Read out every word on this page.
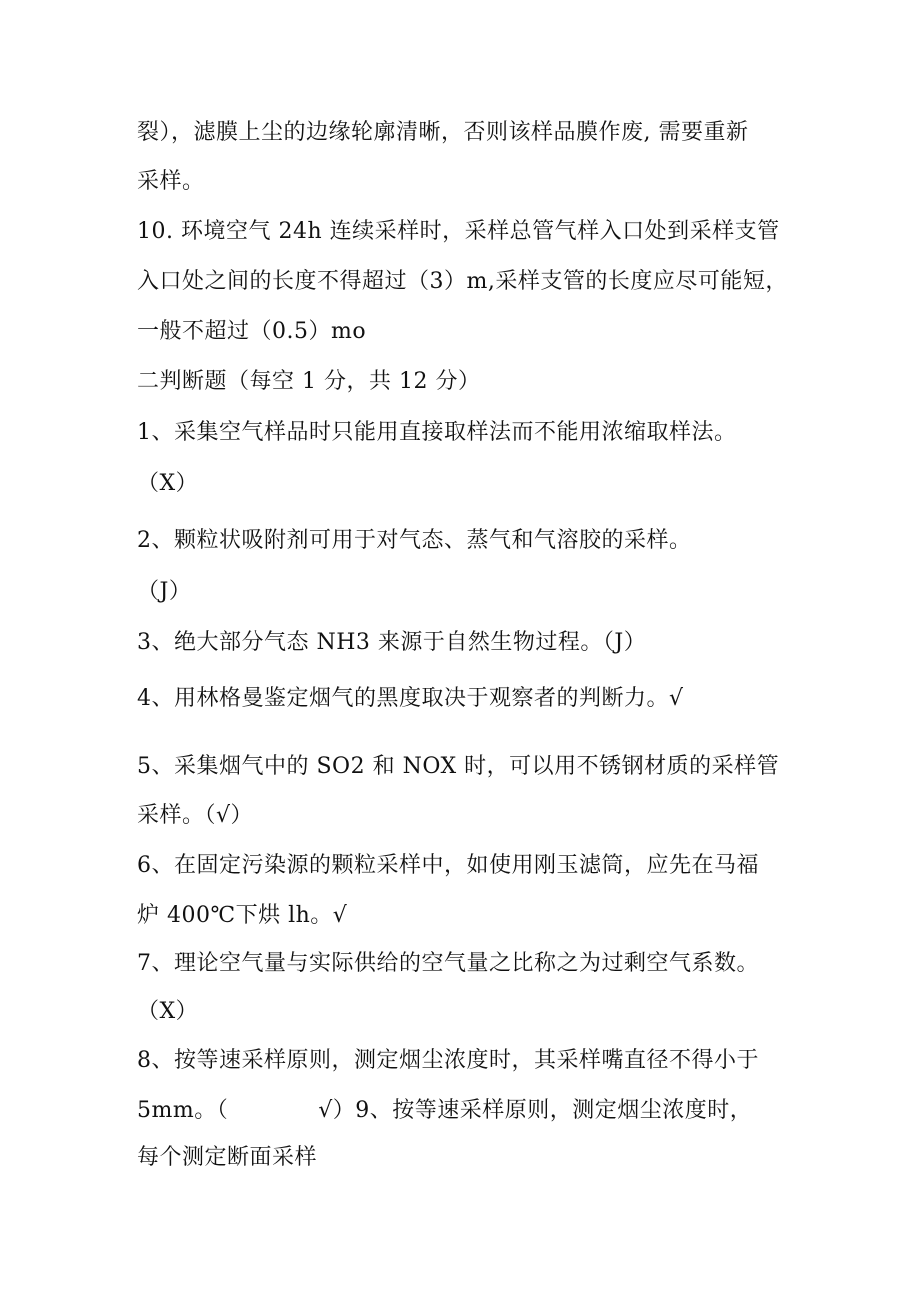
裂），滤膜上尘的边缘轮廓清晰，否则该样品膜作废, 需要重新
采样。
10. 环境空气 24h 连续采样时，采样总管气样入口处到采样支管
入口处之间的长度不得超过（3）m,采样支管的长度应尽可能短，
一般不超过（0.5）mo
二判断题（每空 1 分，共 12 分）
1、采集空气样品时只能用直接取样法而不能用浓缩取样法。
（X）
2、颗粒状吸附剂可用于对气态、蒸气和气溶胶的采样。
（J）
3、绝大部分气态 NH3 来源于自然生物过程。（J）
4、用林格曼鉴定烟气的黑度取决于观察者的判断力。√
5、采集烟气中的 SO2 和 NOX 时，可以用不锈钢材质的采样管
采样。（√）
6、在固定污染源的颗粒采样中，如使用刚玉滤筒，应先在马福
炉 400℃下烘 lh。√
7、理论空气量与实际供给的空气量之比称之为过剩空气系数。
（X）
8、按等速采样原则，测定烟尘浓度时，其采样嘴直径不得小于
5mm。（	√）9、按等速采样原则，测定烟尘浓度时，
每个测定断面采样
